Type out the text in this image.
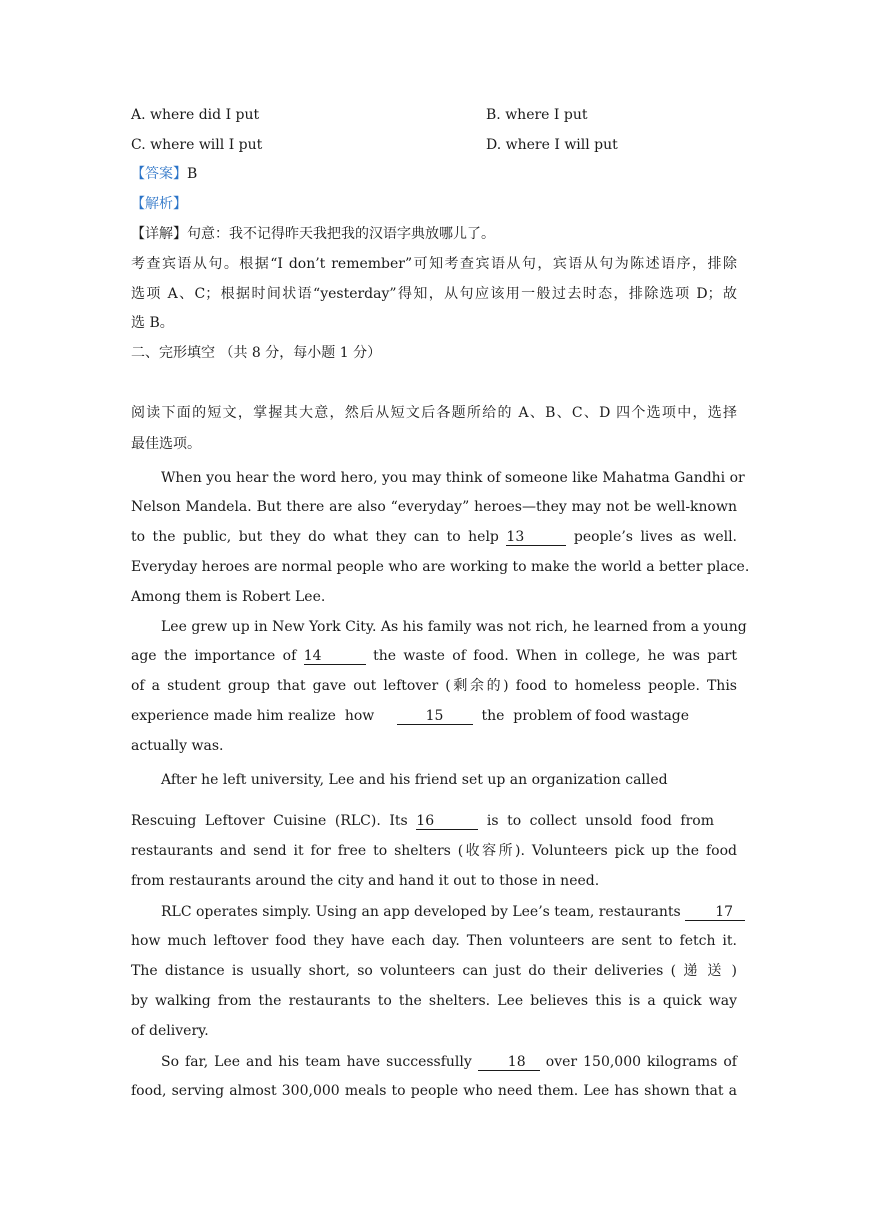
A. where did I put	B. where I put
C. where will I put	D. where I will put
【答案】B
【解析】
【详解】句意：我不记得昨天我把我的汉语字典放哪儿了。
考查宾语从句。根据“I don’t remember”可知考查宾语从句，宾语从句为陈述语序，排除
选项 A、C；根据时间状语“yesterday”得知，从句应该用一般过去时态，排除选项 D；故
选 B。
二、完形填空 （共 8 分，每小题 1 分）
阅读下面的短文，掌握其大意，然后从短文后各题所给的 A、B、C、D 四个选项中，选择
最佳选项。
When you hear the word hero, you may think of someone like Mahatma Gandhi or
Nelson Mandela. But there are also “everyday” heroes—they may not be well-known
to the public, but they do what they can to help 13	people’s lives as well.
Everyday heroes are normal people who are working to make the world a better place.
Among them is Robert Lee.
Lee grew up in New York City. As his family was not rich, he learned from a young
age the importance of 14	the waste of food. When in college, he was part
of a student group that gave out leftover (剩余的) food to homeless people. This
experience made him realize  how     15  the  problem of food wastage
actually was.
After he left university, Lee and his friend set up an organization called
Rescuing Leftover Cuisine (RLC). Its 16	is to collect unsold food from
restaurants and send it for free to shelters (收容所). Volunteers pick up the food
from restaurants around the city and hand it out to those in need.
RLC operates simply. Using an app developed by Lee’s team, restaurants 17
how much leftover food they have each day. Then volunteers are sent to fetch it.
The distance is usually short, so volunteers can just do their deliveries ( 递 送 )
by walking from the restaurants to the shelters. Lee believes this is a quick way
of delivery.
So far, Lee and his team have successfully 18 over 150,000 kilograms of
food, serving almost 300,000 meals to people who need them. Lee has shown that a
